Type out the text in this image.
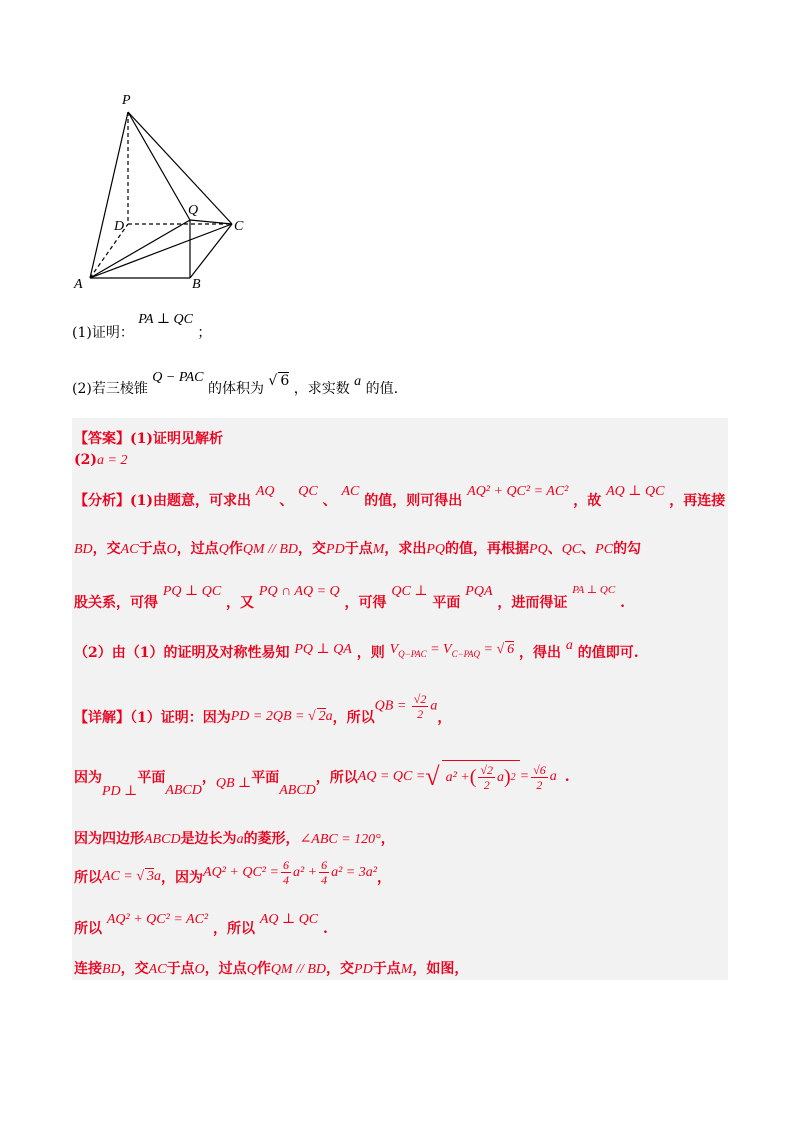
P
Q
D	C
A	B
(1)证明： PA ⊥ QC ；
(2)若三棱锥 Q − PAC 的体积为 √ 6 ，求实数 a 的值.
【答案】(1)证明见解析
(2)a = 2
【分析】(1)由题意，可求出 AQ 、 QC 、 AC 的值，则可得出 AQ² + QC² = AC² ，故 AQ ⊥ QC ，再连接
BD，交AC于点O，过点Q作QM // BD，交PD于点M，求出PQ的值，再根据PQ、QC、PC的勾
股关系，可得 PQ ⊥ QC ，又 PQ ∩ AQ = Q ，可得 QC ⊥ 平面 PQA ，进而得证 $^{PA \perp QC}$ .
（2）由（1）的证明及对称性易知 PQ ⊥ QA ，则 $V_{Q-PAC} = V_{C-PAQ}$ = √ 6 ，得出 a 的值即可.
【详解】（1）证明：因为 PD = 2QB = √ 2a ，所以
QB = $\frac{√2}{2}$ a
，
因为
PD ⊥
平面
ABCD
， QB ⊥ 平面
ABCD
，所以 AQ = QC = √ a² + ( $\frac{√2}{2}$ a ) $2 = \frac{√6}{2}$ a .
因为四边形ABCD是边长为a的菱形，∠ABC = 120°，
所以 AC = √ 3a ，因为 $AQ^2 + QC^2 = \frac{6}{4} a^2 + \frac{6}{4} a^2 = 3a^2$ ，
所以 AQ² + QC² = AC² ，所以 AQ ⊥ QC .
连接BD，交AC于点O，过点Q作QM // BD，交PD于点M，如图，
